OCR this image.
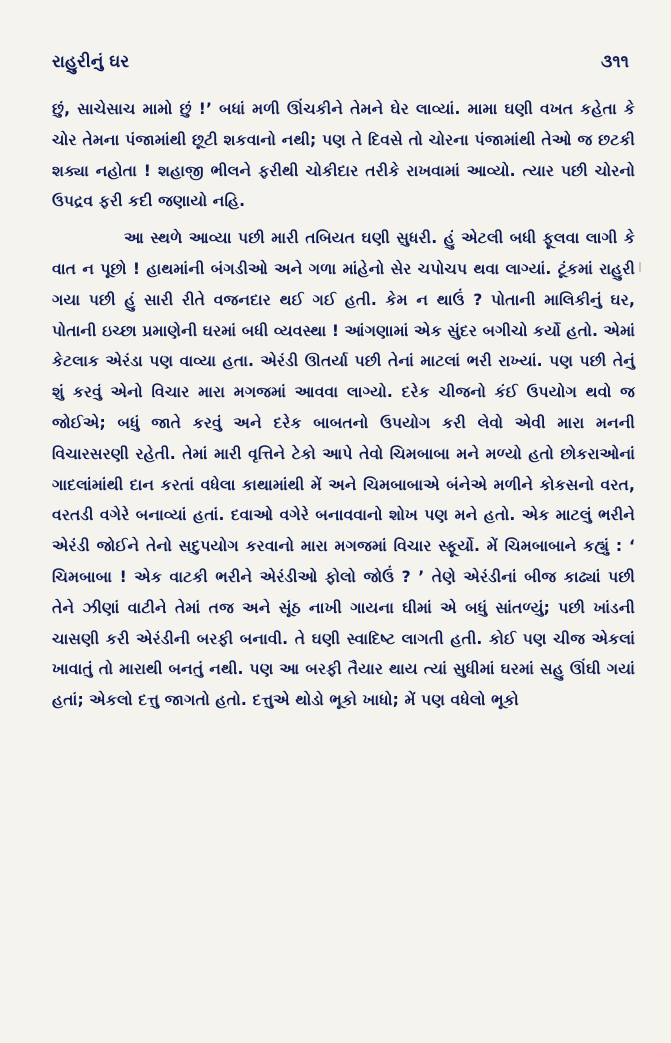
રાહુરીનું ઘર	૩૧૧

છું, સાચેસાચ મામો છું !’ બધાં મળી ઊંચકીને તેમને ઘેર લાવ્યાં. મામા ઘણી વખત કહેતા કે ચોર તેમના પંજામાંથી છૂટી શકવાનો નથી; પણ તે દિવસે તો ચોરના પંજામાંથી તેઓ જ છટકી શક્યા નહોતા ! શહાજી ભીલને ફરીથી ચોકીદાર તરીકે રાખવામાં આવ્યો. ત્યાર પછી ચોરનો ઉપદ્રવ ફરી કદી જણાયો નહિ.

આ સ્થળે આવ્યા પછી મારી તબિયત ઘણી સુધરી. હું એટલી બધી ફૂલવા લાગી કે વાત ન પૂછો ! હાથમાંની બંગડીઓ અને ગળા માંહેનો સેર ચપોચપ થવા લાગ્યાં. ટૂંકમાં રાહુરી ગયા પછી હું સારી રીતે વજનદાર થઈ ગઈ હતી. કેમ ન થાઉં ? પોતાની માલિકીનું ઘર, પોતાની ઇચ્છા પ્રમાણેની ઘરમાં બધી વ્યવસ્થા ! આંગણામાં એક સુંદર બગીચો કર્યો હતો. એમાં કેટલાક એરંડા પણ વાવ્યા હતા. એરંડી ઊતર્યા પછી તેનાં માટલાં ભરી રાખ્યાં. પણ પછી તેનું શું કરવું એનો વિચાર મારા મગજમાં આવવા લાગ્યો. દરેક ચીજનો કંઈ ઉપયોગ થવો જ જોઈએ; બધું જાતે કરવું અને દરેક બાબતનો ઉપયોગ કરી લેવો એવી મારા મનની વિચારસરણી રહેતી. તેમાં મારી વૃત્તિને ટેકો આપે તેવો ચિમબાબા મને મળ્યો હતો છોકરાઓનાં ગાદલાંમાંથી દાન કરતાં વધેલા કાથામાંથી મેં અને ચિમબાબાએ બંનેએ મળીને કોકસનો વરત, વરતડી વગેરે બનાવ્યાં હતાં. દવાઓ વગેરે બનાવવાનો શોખ પણ મને હતો. એક માટલું ભરીને એરંડી જોઈને તેનો સદુપયોગ કરવાનો મારા મગજમાં વિચાર સ્ફૂર્યો. મેં ચિમબાબાને કહ્યું : ‘ ચિમબાબા ! એક વાટકી ભરીને એરંડીઓ ફોલો જોઉં ? ’ તેણે એરંડીનાં બીજ કાઢ્યાં પછી તેને ઝીણાં વાટીને તેમાં તજ અને સૂંઠ નાખી ગાયના ઘીમાં એ બધું સાંતળ્યું; પછી ખાંડની ચાસણી કરી એરંડીની બરફી બનાવી. તે ઘણી સ્વાદિષ્ટ લાગતી હતી. કોઈ પણ ચીજ એકલાં ખાવાતું તો મારાથી બનતું નથી. પણ આ બરફી તૈયાર થાય ત્યાં સુધીમાં ઘરમાં સહુ ઊંઘી ગયાં હતાં; એકલો દત્તુ જાગતો હતો. દત્તુએ થોડો ભૂકો ખાધો; મેં પણ વધેલો ભૂકો
